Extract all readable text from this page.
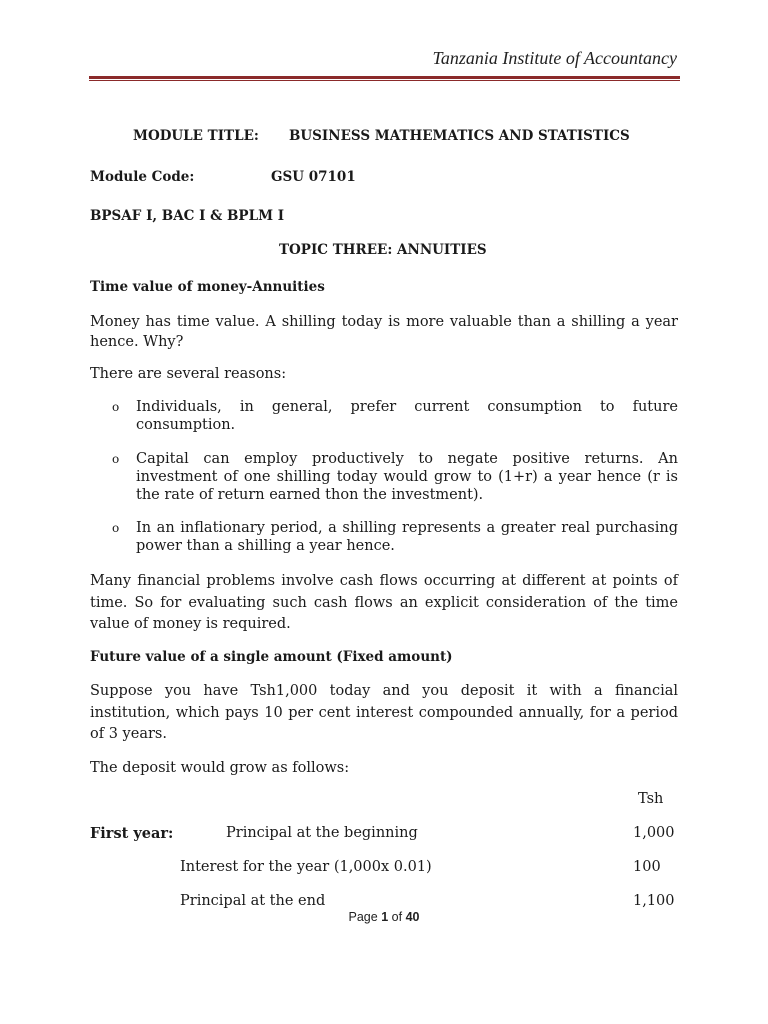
Tanzania Institute of Accountancy
MODULE TITLE: BUSINESS MATHEMATICS AND STATISTICS
Module Code:	GSU 07101
BPSAF I, BAC I & BPLM I
TOPIC THREE: ANNUITIES
Time value of money-Annuities
Money has time value. A shilling today is more valuable than a shilling a year hence. Why?
There are several reasons:
o Individuals, in general, prefer current consumption to future consumption.
o Capital can employ productively to negate positive returns. An investment of one shilling today would grow to (1+r) a year hence (r is the rate of return earned thon the investment).
o In an inflationary period, a shilling represents a greater real purchasing power than a shilling a year hence.
Many financial problems involve cash flows occurring at different at points of time. So for evaluating such cash flows an explicit consideration of the time value of money is required.
Future value of a single amount (Fixed amount)
Suppose you have Tsh1,000 today and you deposit it with a financial institution, which pays 10 per cent interest compounded annually, for a period of 3 years.
The deposit would grow as follows:
Tsh
First year:	Principal at the beginning	1,000
Interest for the year (1,000x 0.01)	100
Principal at the end	1,100
Page 1 of 40
